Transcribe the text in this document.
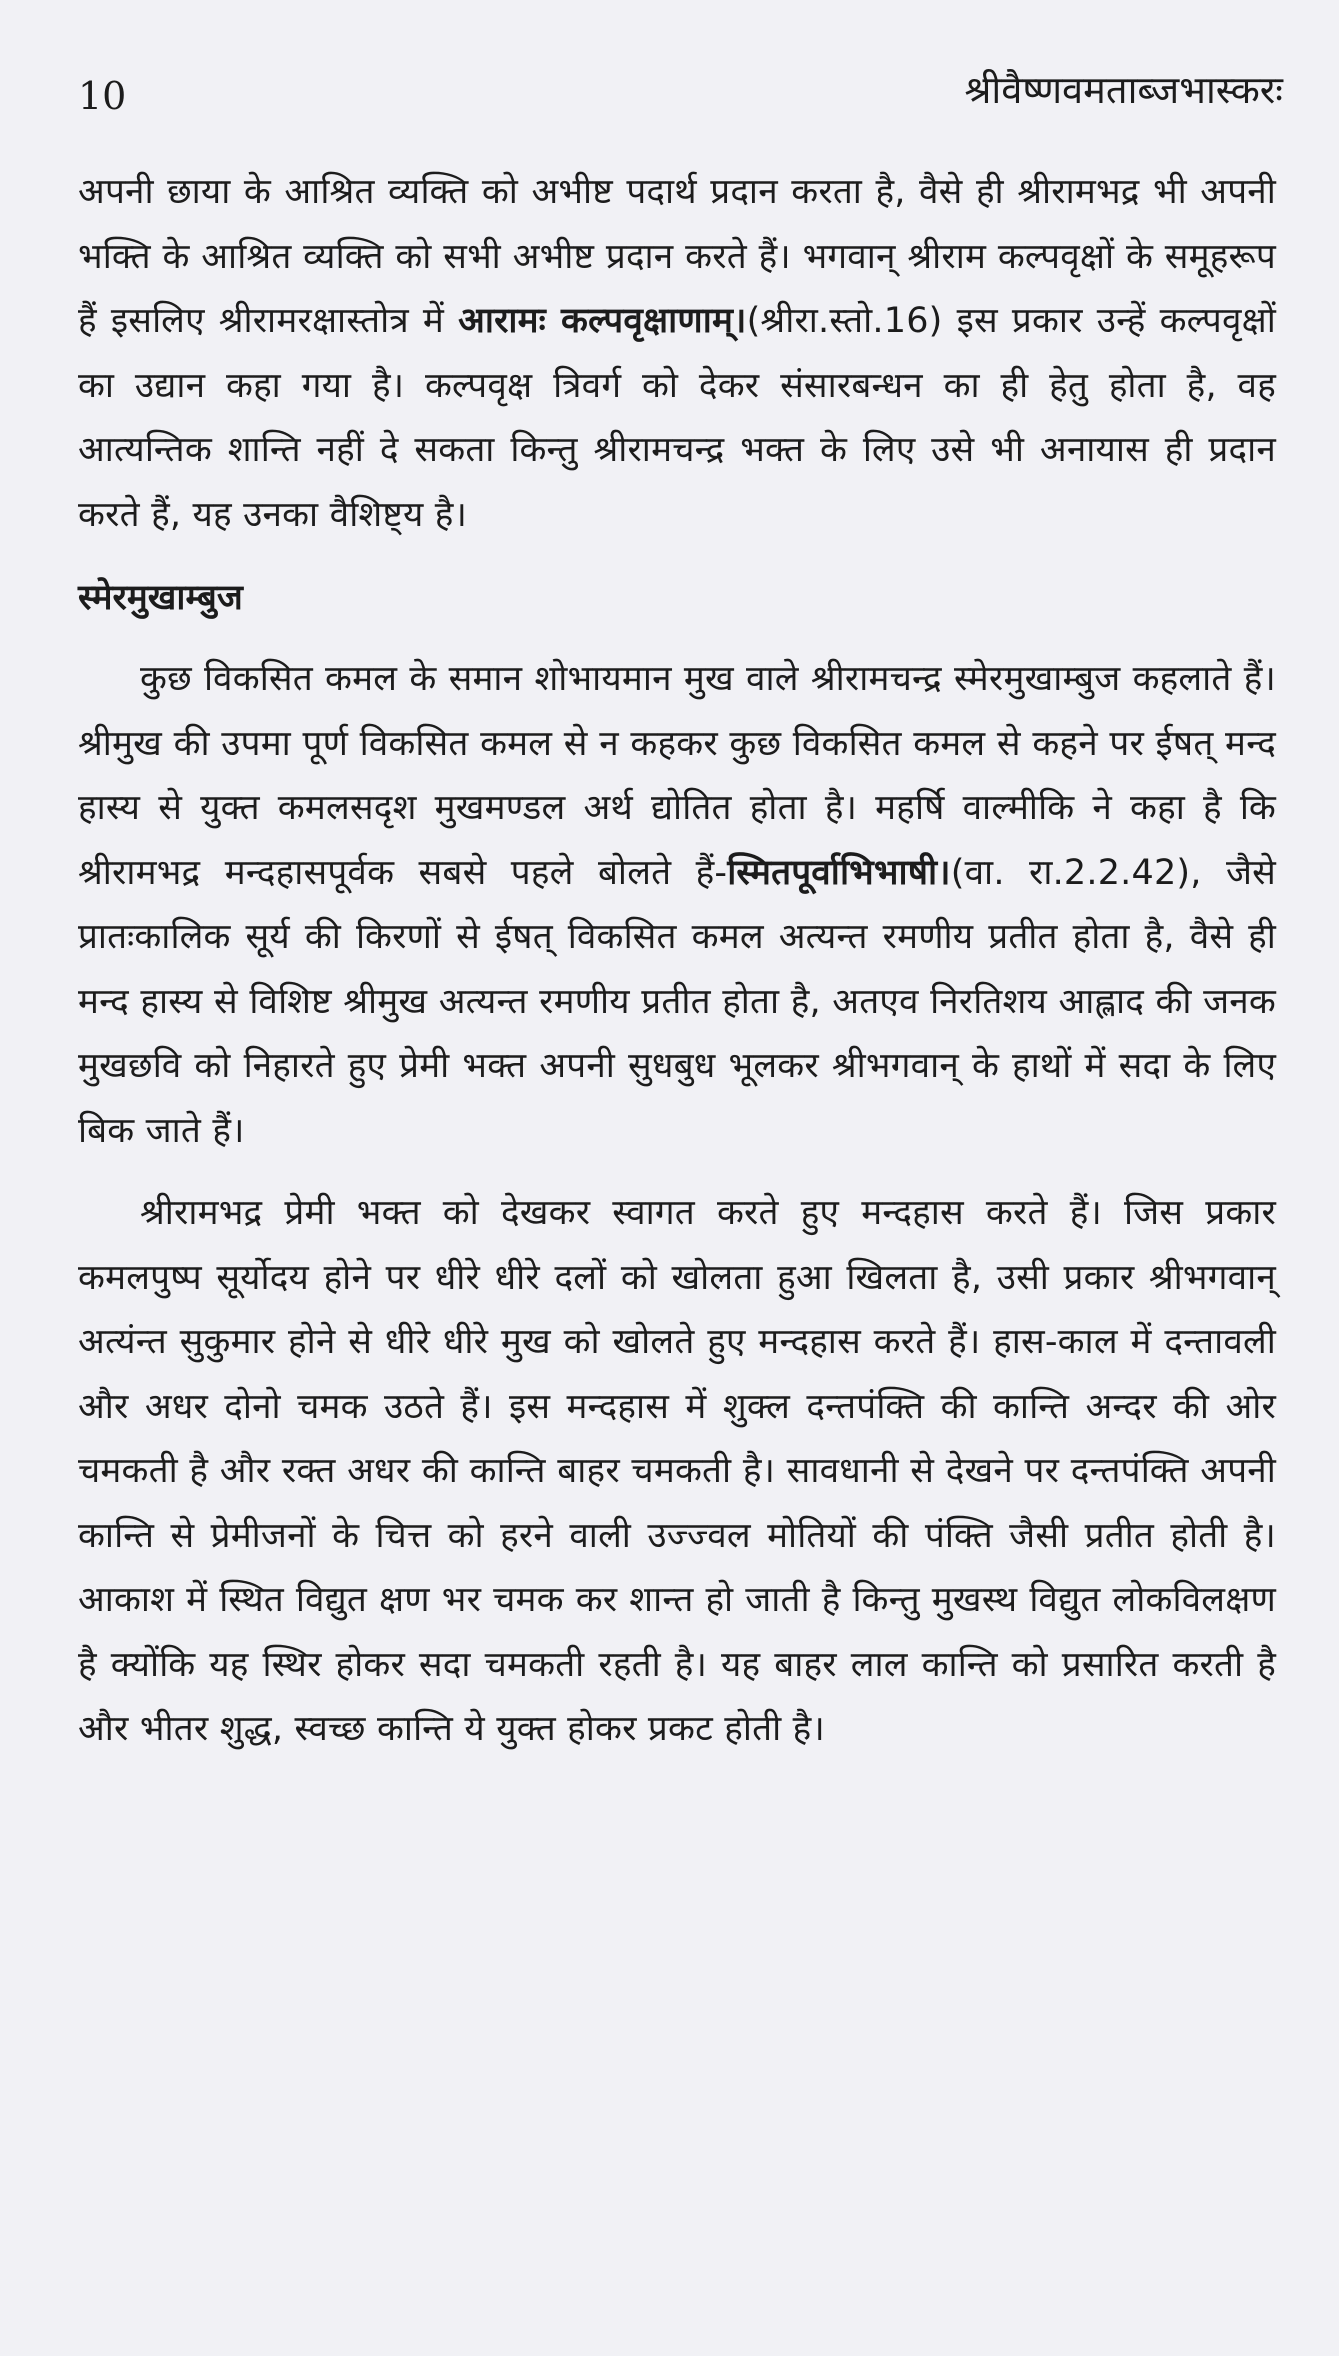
10	श्रीवैष्णवमताब्जभास्करः

अपनी छाया के आश्रित व्यक्ति को अभीष्ट पदार्थ प्रदान करता है, वैसे ही श्रीरामभद्र भी अपनी भक्ति के आश्रित व्यक्ति को सभी अभीष्ट प्रदान करते हैं। भगवान् श्रीराम कल्पवृक्षों के समूहरूप हैं इसलिए श्रीरामरक्षास्तोत्र में आरामः कल्पवृक्षाणाम्।(श्रीरा.स्तो.16) इस प्रकार उन्हें कल्पवृक्षों का उद्यान कहा गया है। कल्पवृक्ष त्रिवर्ग को देकर संसारबन्धन का ही हेतु होता है, वह आत्यन्तिक शान्ति नहीं दे सकता किन्तु श्रीरामचन्द्र भक्त के लिए उसे भी अनायास ही प्रदान करते हैं, यह उनका वैशिष्ट्य है।

स्मेरमुखाम्बुज

कुछ विकसित कमल के समान शोभायमान मुख वाले श्रीरामचन्द्र स्मेरमुखाम्बुज कहलाते हैं। श्रीमुख की उपमा पूर्ण विकसित कमल से न कहकर कुछ विकसित कमल से कहने पर ईषत् मन्द हास्य से युक्त कमलसदृश मुखमण्डल अर्थ द्योतित होता है। महर्षि वाल्मीकि ने कहा है कि श्रीरामभद्र मन्दहासपूर्वक सबसे पहले बोलते हैं-स्मितपूर्वाभिभाषी।(वा. रा.2.2.42), जैसे प्रातःकालिक सूर्य की किरणों से ईषत् विकसित कमल अत्यन्त रमणीय प्रतीत होता है, वैसे ही मन्द हास्य से विशिष्ट श्रीमुख अत्यन्त रमणीय प्रतीत होता है, अतएव निरतिशय आह्लाद की जनक मुखछवि को निहारते हुए प्रेमी भक्त अपनी सुधबुध भूलकर श्रीभगवान् के हाथों में सदा के लिए बिक जाते हैं।

श्रीरामभद्र प्रेमी भक्त को देखकर स्वागत करते हुए मन्दहास करते हैं। जिस प्रकार कमलपुष्प सूर्योदय होने पर धीरे धीरे दलों को खोलता हुआ खिलता है, उसी प्रकार श्रीभगवान् अत्यंन्त सुकुमार होने से धीरे धीरे मुख को खोलते हुए मन्दहास करते हैं। हास-काल में दन्तावली और अधर दोनो चमक उठते हैं। इस मन्दहास में शुक्ल दन्तपंक्ति की कान्ति अन्दर की ओर चमकती है और रक्त अधर की कान्ति बाहर चमकती है। सावधानी से देखने पर दन्तपंक्ति अपनी कान्ति से प्रेमीजनों के चित्त को हरने वाली उज्ज्वल मोतियों की पंक्ति जैसी प्रतीत होती है। आकाश में स्थित विद्युत क्षण भर चमक कर शान्त हो जाती है किन्तु मुखस्थ विद्युत लोकविलक्षण है क्योंकि यह स्थिर होकर सदा चमकती रहती है। यह बाहर लाल कान्ति को प्रसारित करती है और भीतर शुद्ध, स्वच्छ कान्ति ये युक्त होकर प्रकट होती है।
